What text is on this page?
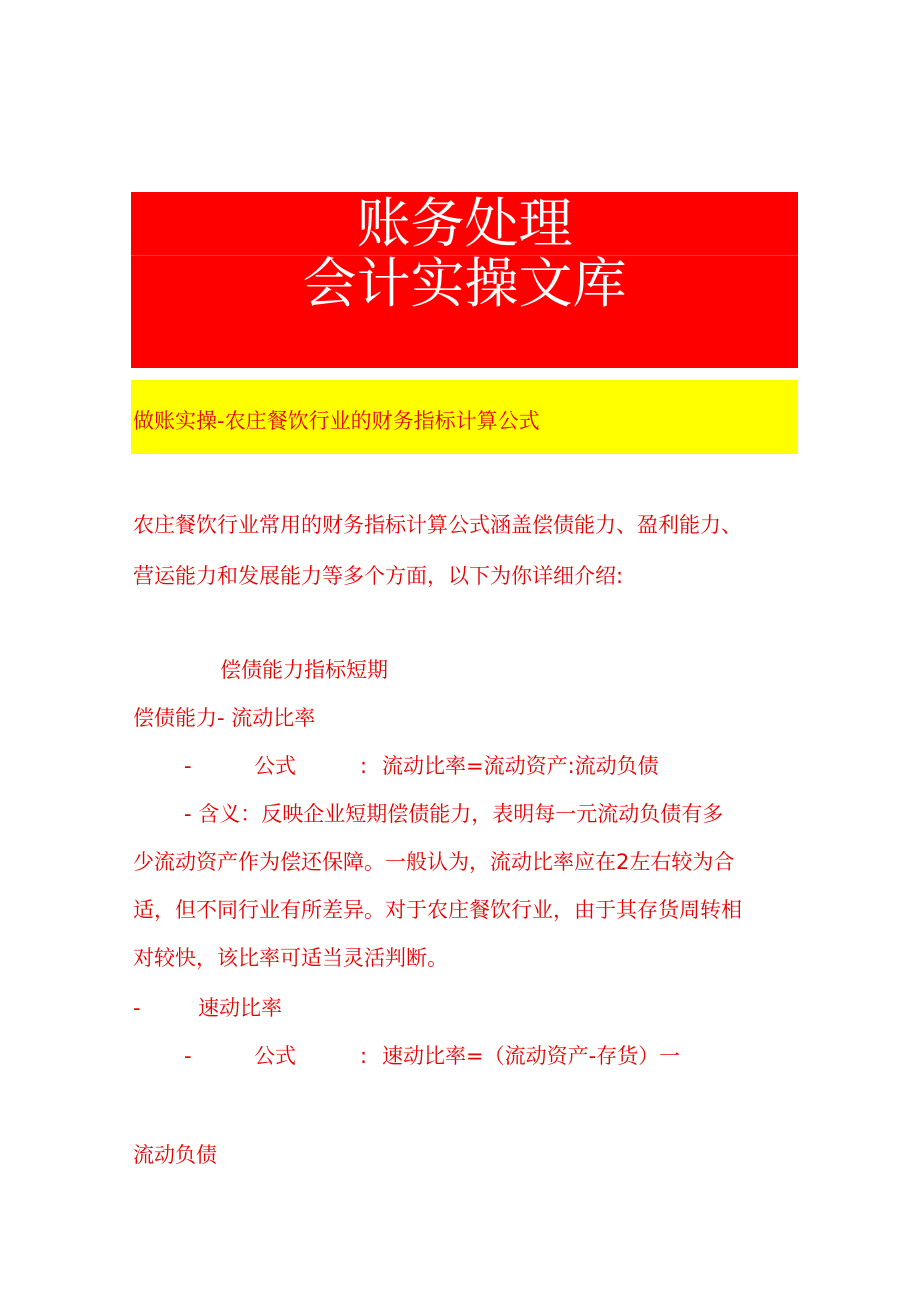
账务处理
会计实操文库
做账实操-农庄餐饮行业的财务指标计算公式
农庄餐饮行业常用的财务指标计算公式涵盖偿债能力、盈利能力、
营运能力和发展能力等多个方面，以下为你详细介绍:
偿债能力指标短期
偿债能力- 流动比率
-	公式	: 流动比率=流动资产:流动负债
- 含义：反映企业短期偿债能力，表明每一元流动负债有多
少流动资产作为偿还保障。一般认为，流动比率应在2左右较为合
适，但不同行业有所差异。对于农庄餐饮行业，由于其存货周转相
对较快，该比率可适当灵活判断。
-	速动比率
-	公式	: 速动比率=（流动资产-存货）一
流动负债
